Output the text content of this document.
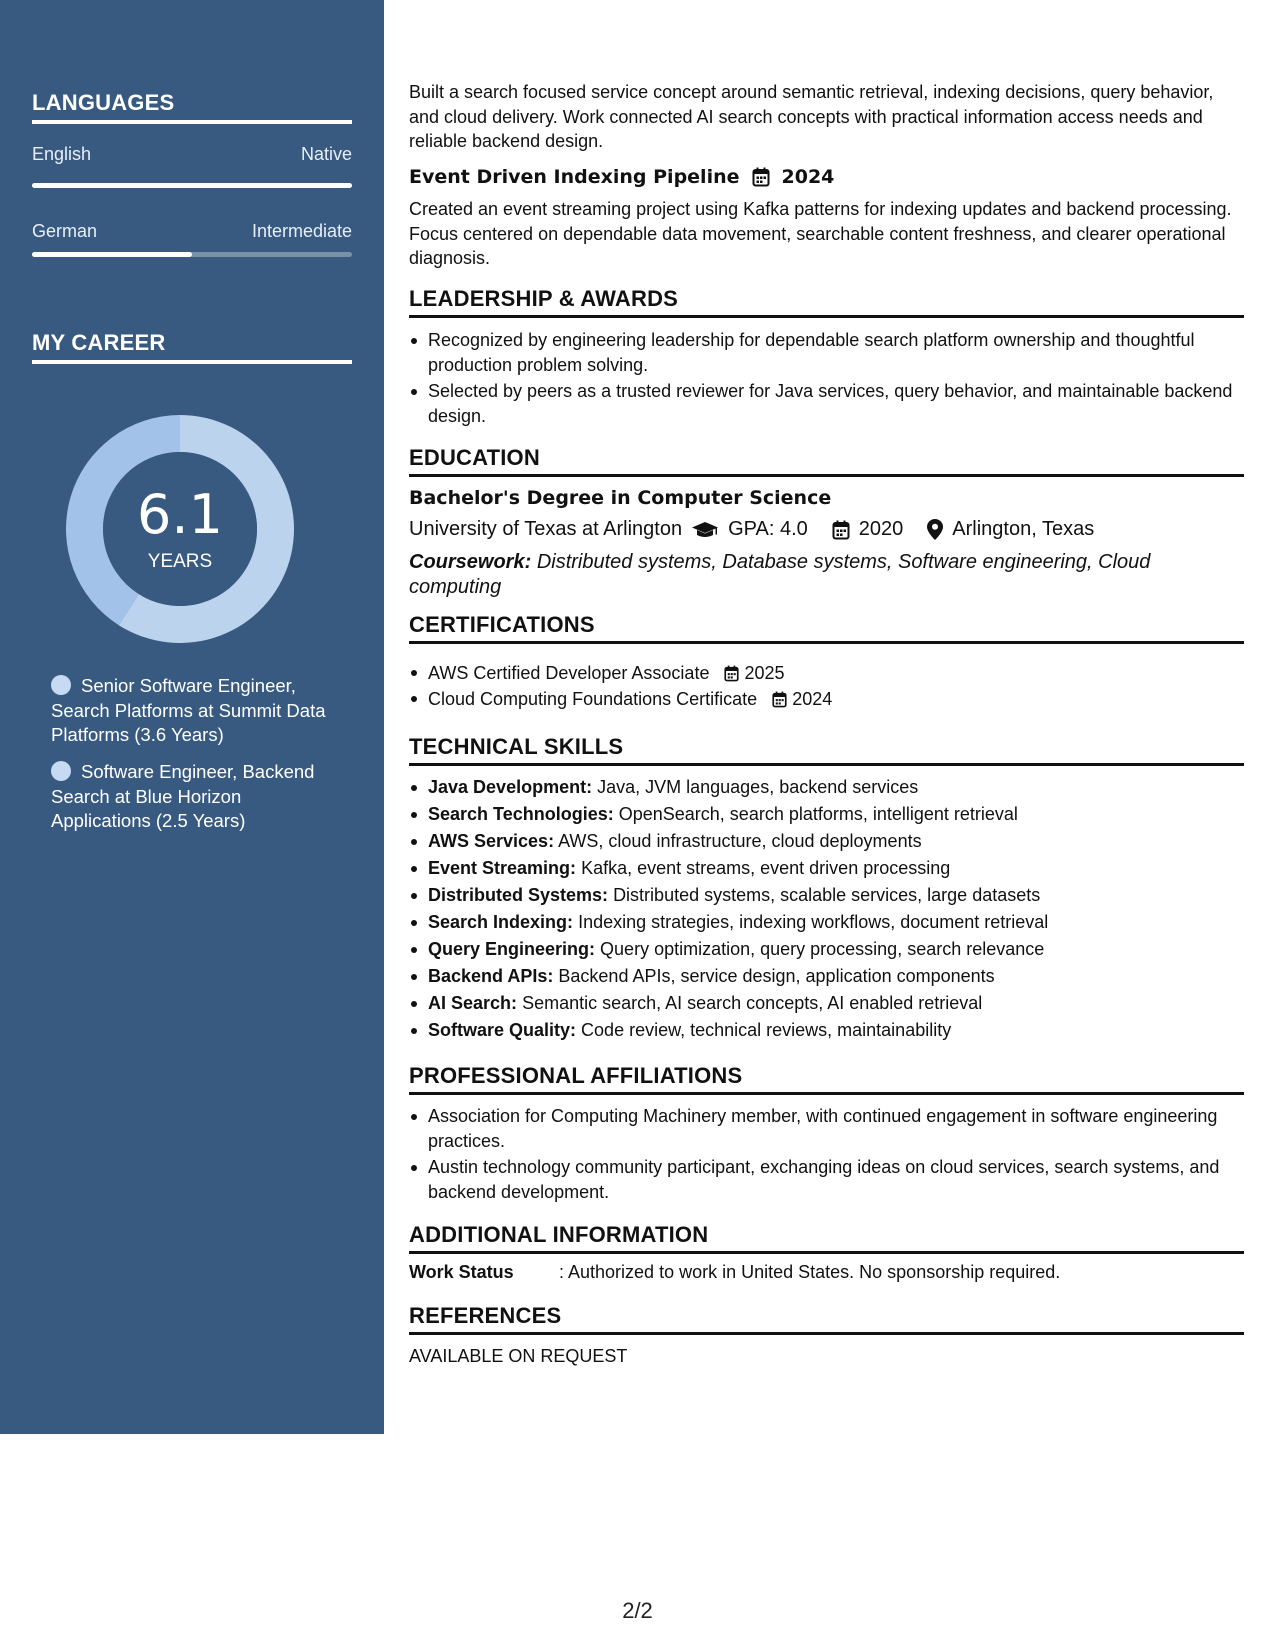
LANGUAGES
English	Native
German	Intermediate
MY CAREER
6.1
YEARS
Senior Software Engineer, Search Platforms at Summit Data Platforms (3.6 Years)
Software Engineer, Backend Search at Blue Horizon Applications (2.5 Years)

Built a search focused service concept around semantic retrieval, indexing decisions, query behavior, and cloud delivery. Work connected AI search concepts with practical information access needs and reliable backend design.

Event Driven Indexing Pipeline 2024

Created an event streaming project using Kafka patterns for indexing updates and backend processing. Focus centered on dependable data movement, searchable content freshness, and clearer operational diagnosis.

LEADERSHIP & AWARDS
Recognized by engineering leadership for dependable search platform ownership and thoughtful production problem solving.
Selected by peers as a trusted reviewer for Java services, query behavior, and maintainable backend design.
EDUCATION
Bachelor's Degree in Computer Science
University of Texas at Arlington GPA: 4.0	2020 Arlington, Texas
Coursework: Distributed systems, Database systems, Software engineering, Cloud computing
CERTIFICATIONS
AWS Certified Developer Associate 2025
Cloud Computing Foundations Certificate 2024
TECHNICAL SKILLS
Java Development: Java, JVM languages, backend services
Search Technologies: OpenSearch, search platforms, intelligent retrieval
AWS Services: AWS, cloud infrastructure, cloud deployments
Event Streaming: Kafka, event streams, event driven processing
Distributed Systems: Distributed systems, scalable services, large datasets
Search Indexing: Indexing strategies, indexing workflows, document retrieval
Query Engineering: Query optimization, query processing, search relevance
Backend APIs: Backend APIs, service design, application components
AI Search: Semantic search, AI search concepts, AI enabled retrieval
Software Quality: Code review, technical reviews, maintainability
PROFESSIONAL AFFILIATIONS
Association for Computing Machinery member, with continued engagement in software engineering practices.
Austin technology community participant, exchanging ideas on cloud services, search systems, and backend development.
ADDITIONAL INFORMATION
Work Status	: Authorized to work in United States. No sponsorship required.
REFERENCES
AVAILABLE ON REQUEST
2/2
